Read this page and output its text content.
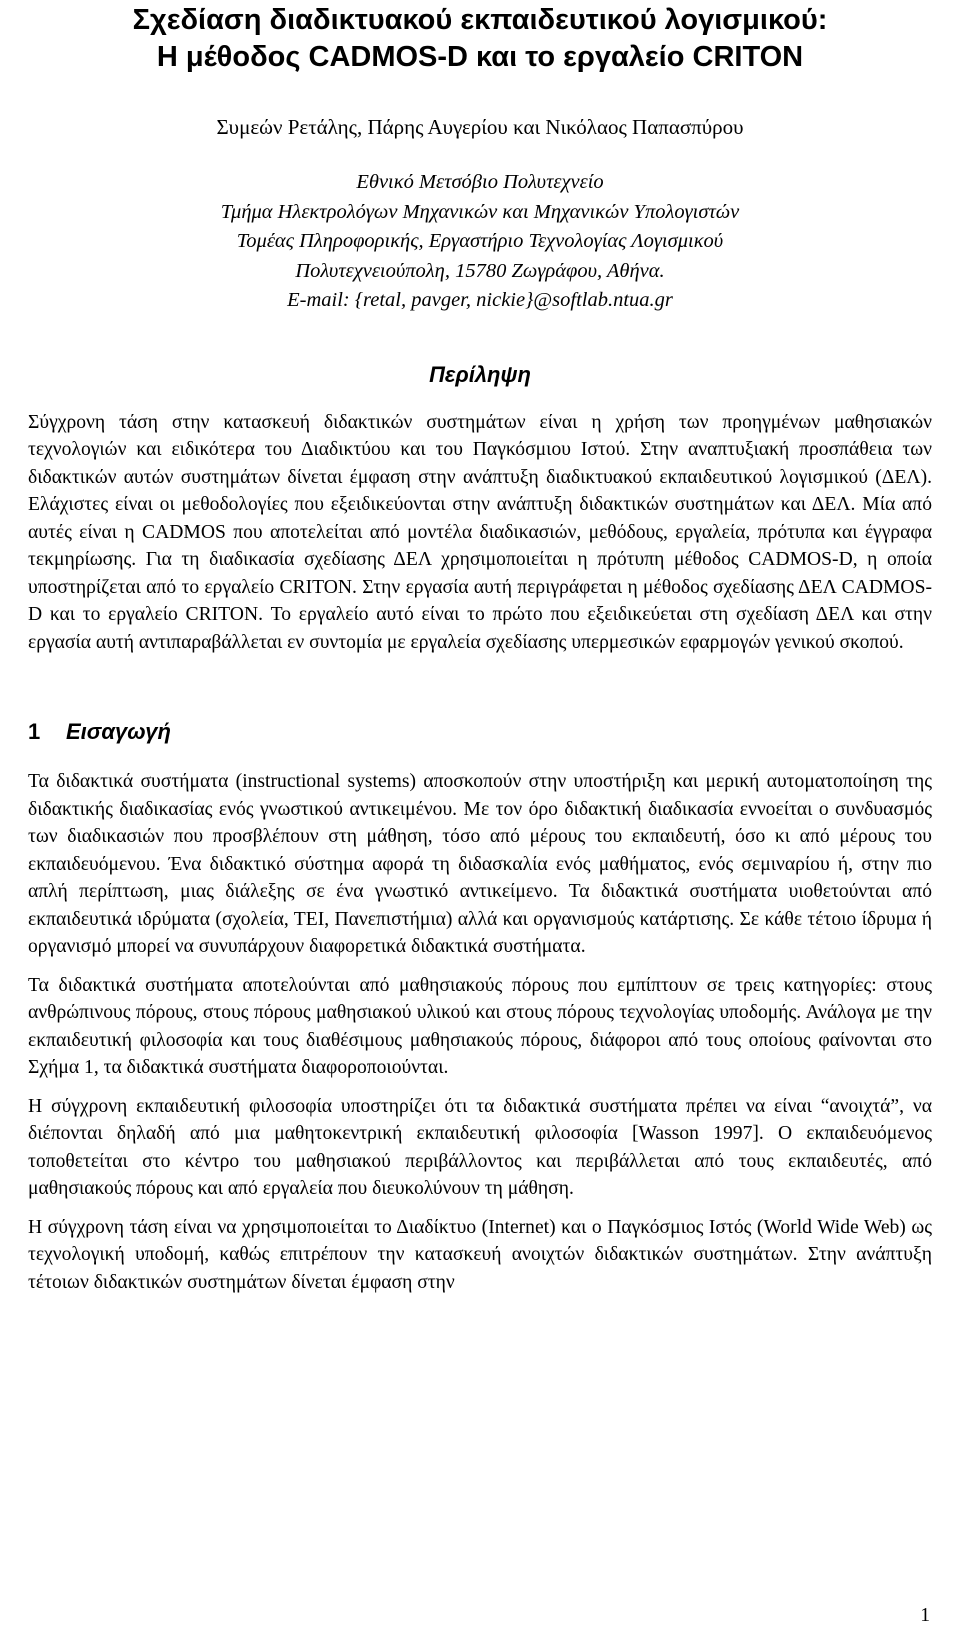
Σχεδίαση διαδικτυακού εκπαιδευτικού λογισμικού:
Η μέθοδος CADMOS-D και το εργαλείο CRITON
Συμεών Ρετάλης, Πάρης Αυγερίου και Νικόλαος Παπασπύρου
Εθνικό Μετσόβιο Πολυτεχνείο
Τμήμα Ηλεκτρολόγων Μηχανικών και Μηχανικών Υπολογιστών
Τομέας Πληροφορικής, Εργαστήριο Τεχνολογίας Λογισμικού
Πολυτεχνειούπολη, 15780 Ζωγράφου, Αθήνα.
E-mail: {retal, pavger, nickie}@softlab.ntua.gr
Περίληψη

Σύγχρονη τάση στην κατασκευή διδακτικών συστημάτων είναι η χρήση των προηγμένων μαθησιακών τεχνολογιών και ειδικότερα του Διαδικτύου και του Παγκόσμιου Ιστού. Στην αναπτυξιακή προσπάθεια των διδακτικών αυτών συστημάτων δίνεται έμφαση στην ανάπτυξη διαδικτυακού εκπαιδευτικού λογισμικού (ΔΕΛ). Ελάχιστες είναι οι μεθοδολογίες που εξειδικεύονται στην ανάπτυξη διδακτικών συστημάτων και ΔΕΛ. Μία από αυτές είναι η CADMOS που αποτελείται από μοντέλα διαδικασιών, μεθόδους, εργαλεία, πρότυπα και έγγραφα τεκμηρίωσης. Για τη διαδικασία σχεδίασης ΔΕΛ χρησιμοποιείται η πρότυπη μέθοδος CADMOS-D, η οποία υποστηρίζεται από το εργαλείο CRITON. Στην εργασία αυτή περιγράφεται η μέθοδος σχεδίασης ΔΕΛ CADMOS-D και το εργαλείο CRITON. Το εργαλείο αυτό είναι το πρώτο που εξειδικεύεται στη σχεδίαση ΔΕΛ και στην εργασία αυτή αντιπαραβάλλεται εν συντομία με εργαλεία σχεδίασης υπερμεσικών εφαρμογών γενικού σκοπού.

1 Εισαγωγή

Τα διδακτικά συστήματα (instructional systems) αποσκοπούν στην υποστήριξη και μερική αυτοματοποίηση της διδακτικής διαδικασίας ενός γνωστικού αντικειμένου. Με τον όρο διδακτική διαδικασία εννοείται ο συνδυασμός των διαδικασιών που προσβλέπουν στη μάθηση, τόσο από μέρους του εκπαιδευτή, όσο κι από μέρους του εκπαιδευόμενου. Ένα διδακτικό σύστημα αφορά τη διδασκαλία ενός μαθήματος, ενός σεμιναρίου ή, στην πιο απλή περίπτωση, μιας διάλεξης σε ένα γνωστικό αντικείμενο. Τα διδακτικά συστήματα υιοθετούνται από εκπαιδευτικά ιδρύματα (σχολεία, ΤΕΙ, Πανεπιστήμια) αλλά και οργανισμούς κατάρτισης. Σε κάθε τέτοιο ίδρυμα ή οργανισμό μπορεί να συνυπάρχουν διαφορετικά διδακτικά συστήματα.

Τα διδακτικά συστήματα αποτελούνται από μαθησιακούς πόρους που εμπίπτουν σε τρεις κατηγορίες: στους ανθρώπινους πόρους, στους πόρους μαθησιακού υλικού και στους πόρους τεχνολογίας υποδομής. Ανάλογα με την εκπαιδευτική φιλοσοφία και τους διαθέσιμους μαθησιακούς πόρους, διάφοροι από τους οποίους φαίνονται στο Σχήμα 1, τα διδακτικά συστήματα διαφοροποιούνται.

Η σύγχρονη εκπαιδευτική φιλοσοφία υποστηρίζει ότι τα διδακτικά συστήματα πρέπει να είναι “ανοιχτά”, να διέπονται δηλαδή από μια μαθητοκεντρική εκπαιδευτική φιλοσοφία [Wasson 1997]. Ο εκπαιδευόμενος τοποθετείται στο κέντρο του μαθησιακού περιβάλλοντος και περιβάλλεται από τους εκπαιδευτές, από μαθησιακούς πόρους και από εργαλεία που διευκολύνουν τη μάθηση.

Η σύγχρονη τάση είναι να χρησιμοποιείται το Διαδίκτυο (Internet) και ο Παγκόσμιος Ιστός (World Wide Web) ως τεχνολογική υποδομή, καθώς επιτρέπουν την κατασκευή ανοιχτών διδακτικών συστημάτων. Στην ανάπτυξη τέτοιων διδακτικών συστημάτων δίνεται έμφαση στην

1
